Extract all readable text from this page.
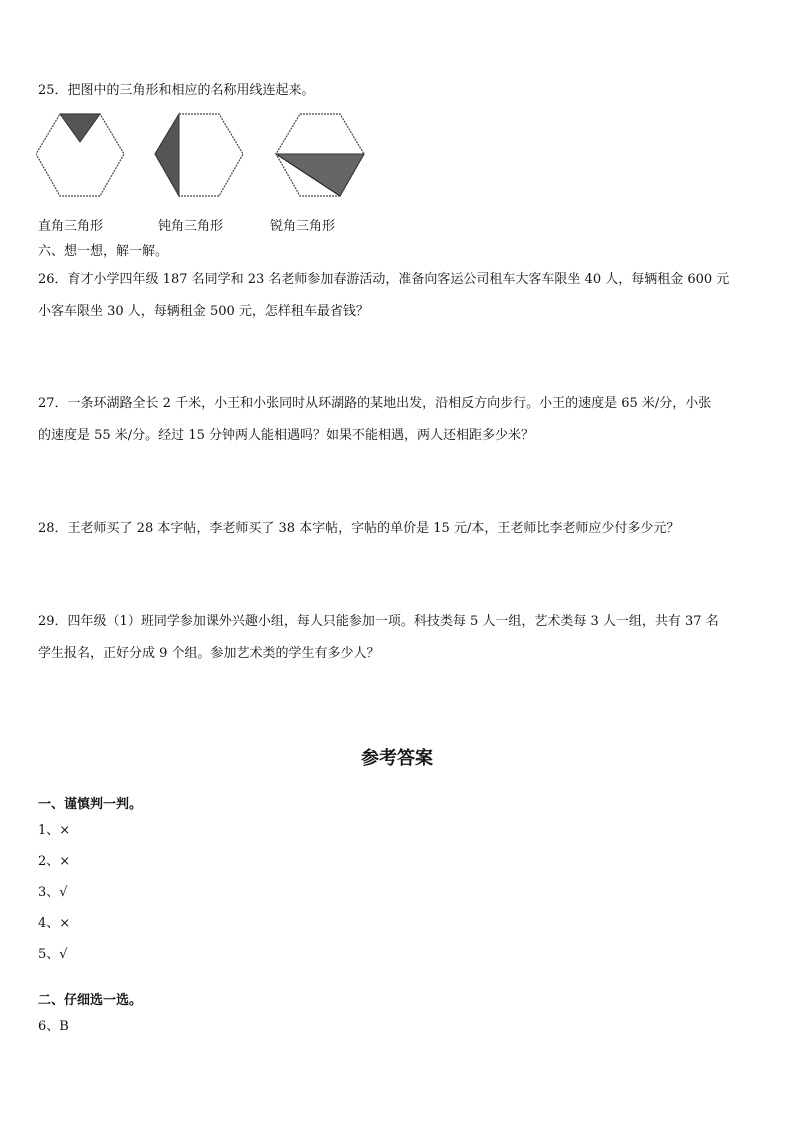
25．把图中的三角形和相应的名称用线连起来。
直角三角形	钝角三角形	锐角三角形
六、想一想，解一解。
26．育才小学四年级 187 名同学和 23 名老师参加春游活动，准备向客运公司租车大客车限坐 40 人，每辆租金 600 元
小客车限坐 30 人，每辆租金 500 元，怎样租车最省钱？
27．一条环湖路全长 2 千米，小王和小张同时从环湖路的某地出发，沿相反方向步行。小王的速度是 65 米/分，小张
的速度是 55 米/分。经过 15 分钟两人能相遇吗？如果不能相遇，两人还相距多少米？
28．王老师买了 28 本字帖，李老师买了 38 本字帖，字帖的单价是 15 元/本，王老师比李老师应少付多少元？
29．四年级（1）班同学参加课外兴趣小组，每人只能参加一项。科技类每 5 人一组，艺术类每 3 人一组，共有 37 名
学生报名，正好分成 9 个组。参加艺术类的学生有多少人？
参考答案
一、谨慎判一判。
1、×
2、×
3、√
4、×
5、√
二、仔细选一选。
6、B
